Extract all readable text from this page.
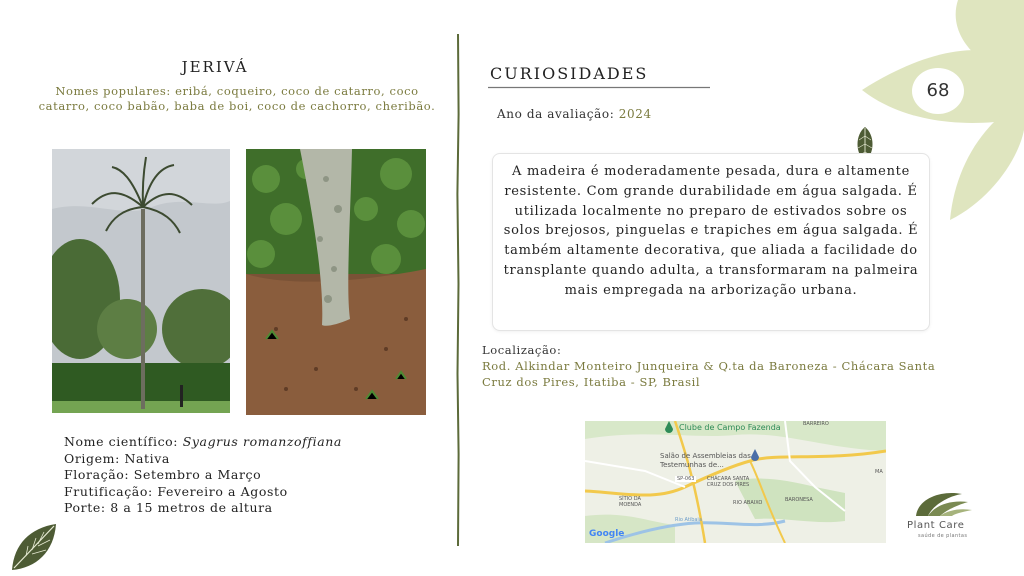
JERIVÁ
Nomes populares: eribá, coqueiro, coco de catarro, coco catarro, coco babão, baba de boi, coco de cachorro, cheribão.
Nome científico: Syagrus romanzoffiana
Origem: Nativa
Floração: Setembro a Março
Frutificação: Fevereiro a Agosto
Porte: 8 a 15 metros de altura
CURIOSIDADES
Ano da avaliação: 2024
A madeira é moderadamente pesada, dura e altamente resistente. Com grande durabilidade em água salgada. É utilizada localmente no preparo de estivados sobre os solos brejosos, pinguelas e trapiches em água salgada. É também altamente decorativa, que aliada a facilidade do transplante quando adulta, a transformaram na palmeira mais empregada na arborização urbana.
Localização:
Rod. Alkindar Monteiro Junqueira & Q.ta da Baroneza - Chácara Santa Cruz dos Pires, Itatiba - SP, Brasil
Clube de Campo Fazenda	BARREIRO
Salão de Assembleias das Testemunhas de...
SP-063	CHÁCARA SANTA CRUZ DOS PIRES
SÍTIO DA MOENDA	RIO ABAIXO	BARONESA
Rio Atibaia
MA
Google
68
Plant Care
saúde de plantas
